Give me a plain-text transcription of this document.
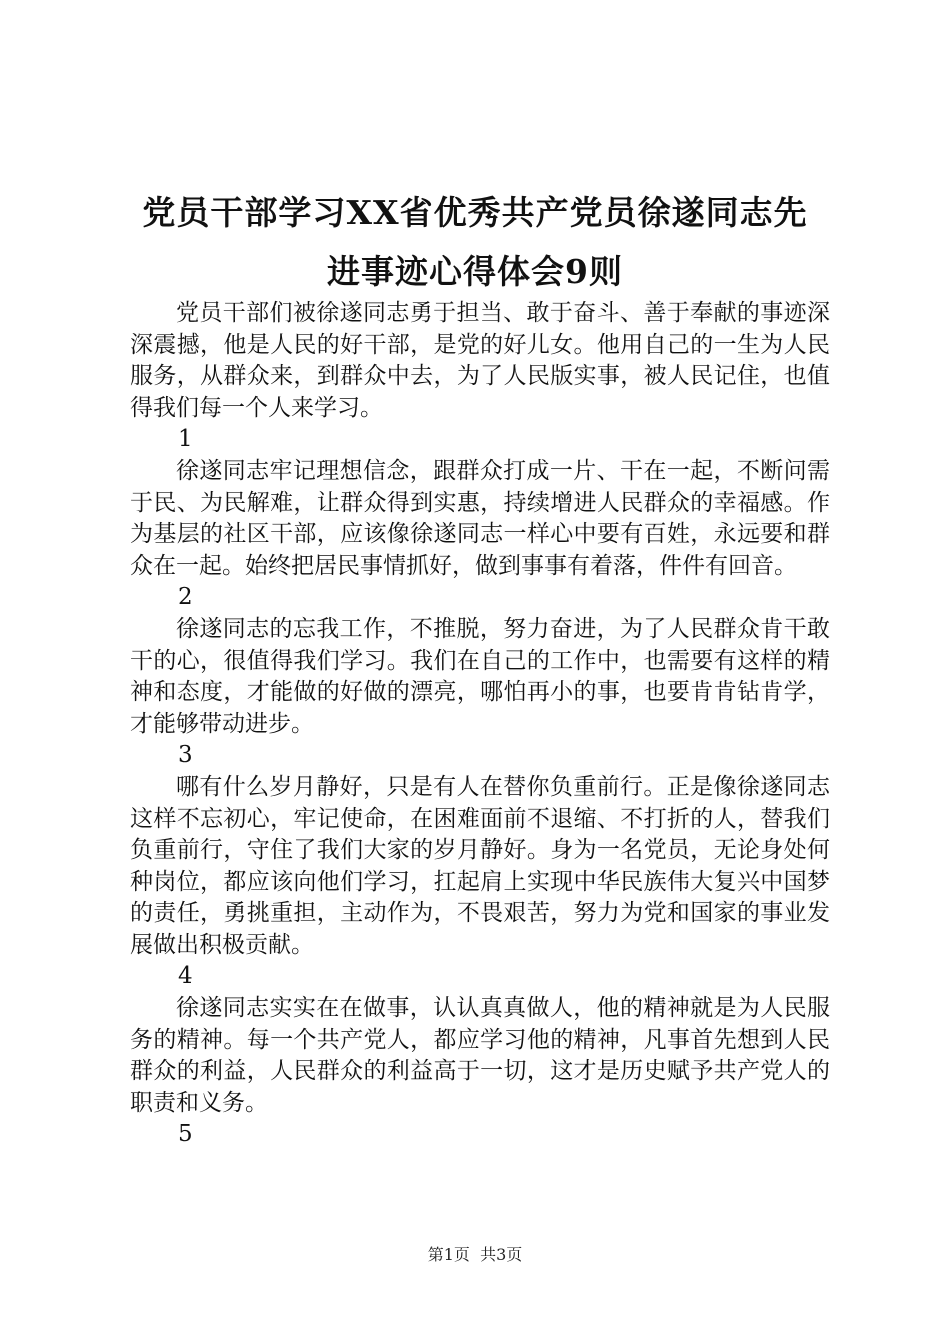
党员干部学习XX省优秀共产党员徐遂同志先
进事迹心得体会9则

党员干部们被徐遂同志勇于担当、敢于奋斗、善于奉献的事迹深深震撼，他是人民的好干部，是党的好儿女。他用自己的一生为人民服务，从群众来，到群众中去，为了人民版实事，被人民记住，也值得我们每一个人来学习。

1

徐遂同志牢记理想信念，跟群众打成一片、干在一起，不断问需于民、为民解难，让群众得到实惠，持续增进人民群众的幸福感。作为基层的社区干部，应该像徐遂同志一样心中要有百姓，永远要和群众在一起。始终把居民事情抓好，做到事事有着落，件件有回音。

2

徐遂同志的忘我工作，不推脱，努力奋进，为了人民群众肯干敢干的心，很值得我们学习。我们在自己的工作中，也需要有这样的精神和态度，才能做的好做的漂亮，哪怕再小的事，也要肯肯钻肯学，才能够带动进步。

3

哪有什么岁月静好，只是有人在替你负重前行。正是像徐遂同志这样不忘初心，牢记使命，在困难面前不退缩、不打折的人，替我们负重前行，守住了我们大家的岁月静好。身为一名党员，无论身处何种岗位，都应该向他们学习，扛起肩上实现中华民族伟大复兴中国梦的责任，勇挑重担，主动作为，不畏艰苦，努力为党和国家的事业发展做出积极贡献。

4

徐遂同志实实在在做事，认认真真做人，他的精神就是为人民服务的精神。每一个共产党人，都应学习他的精神，凡事首先想到人民群众的利益，人民群众的利益高于一切，这才是历史赋予共产党人的职责和义务。

5

第1页  共3页
